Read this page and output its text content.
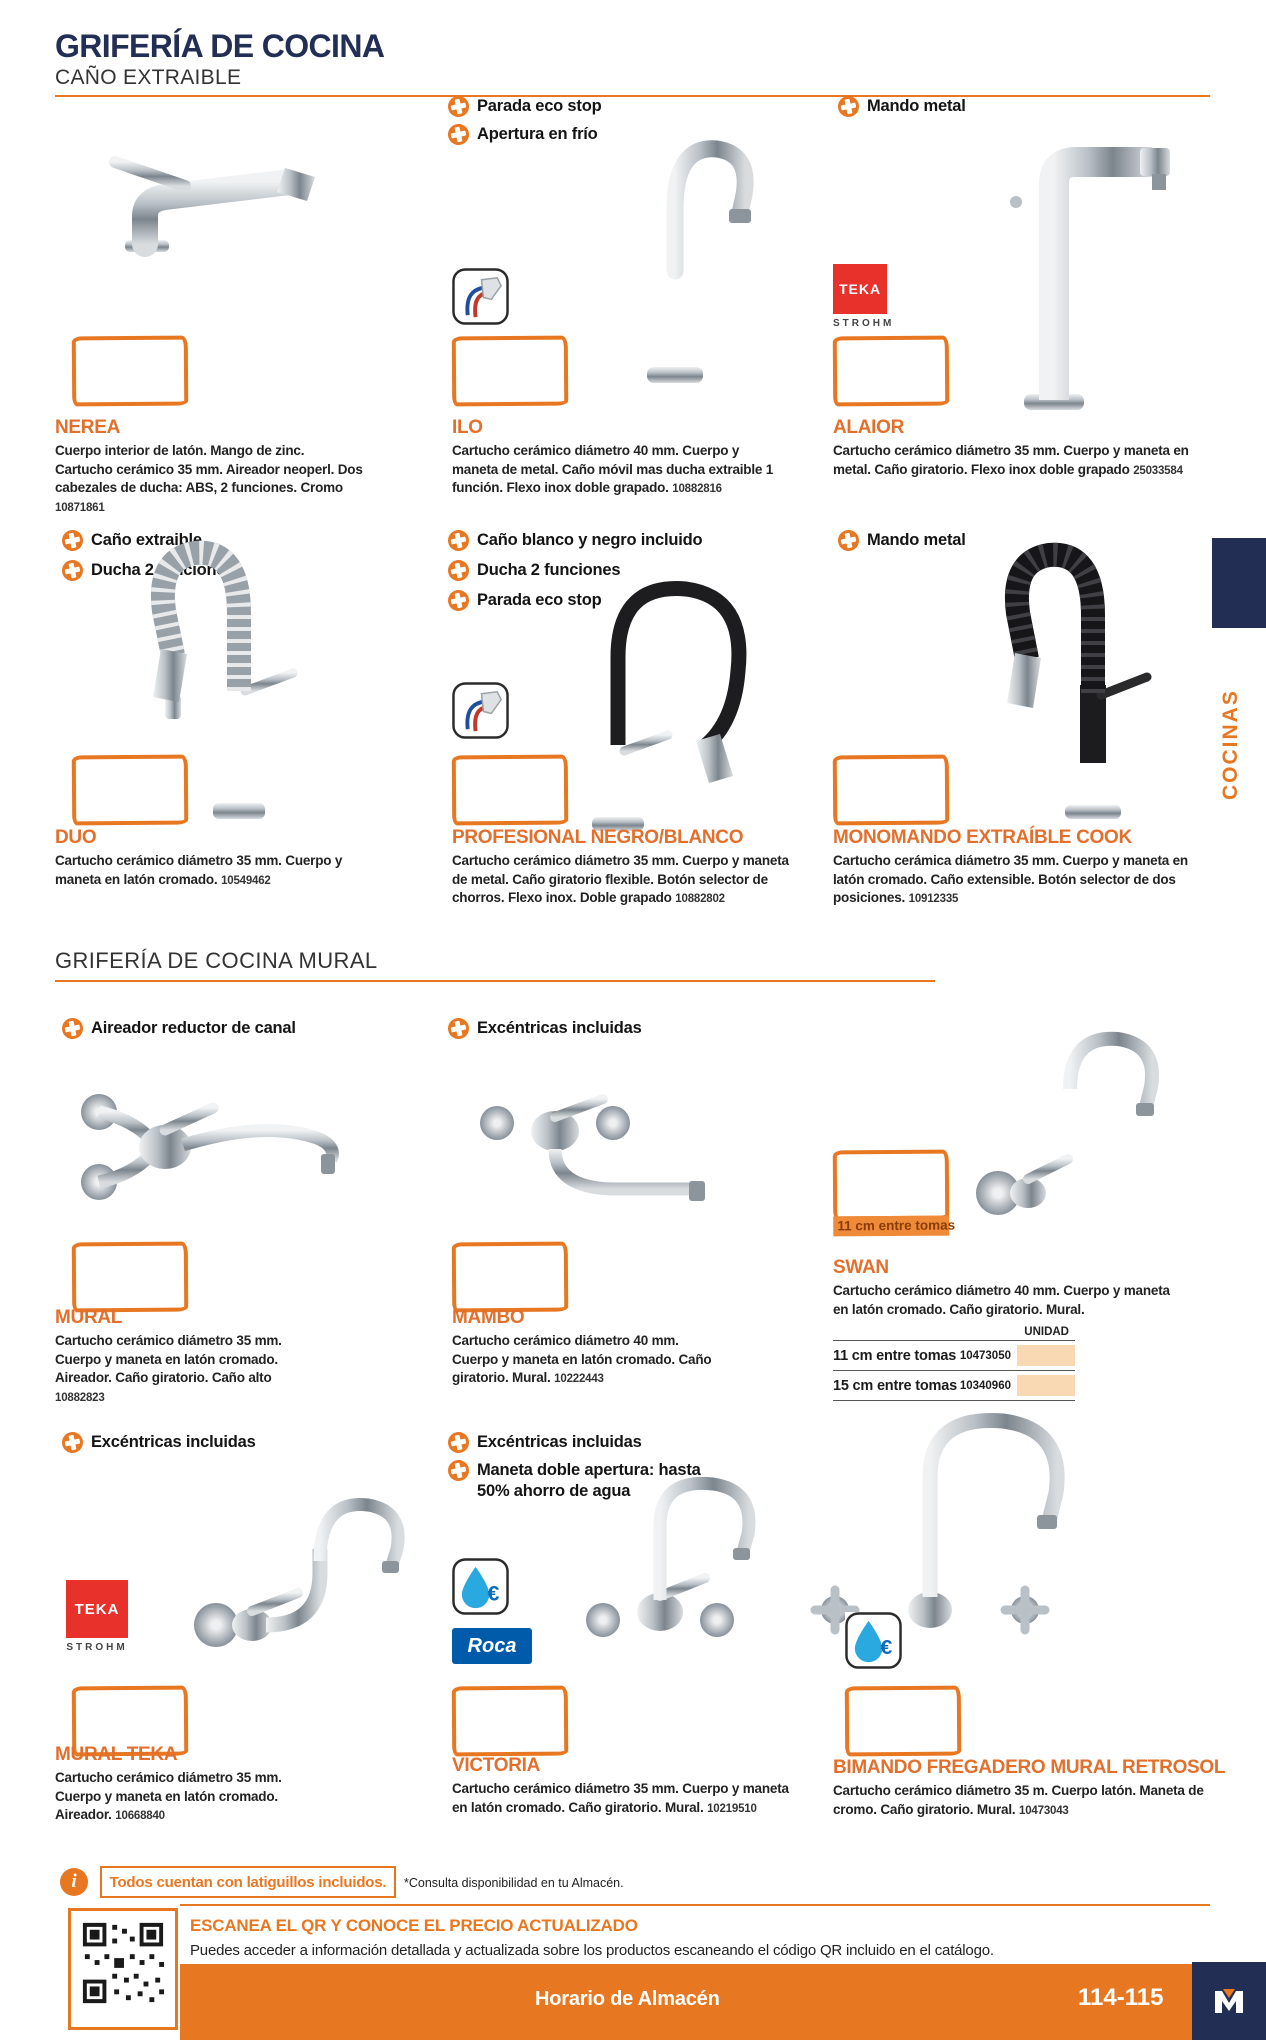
GRIFERÍA DE COCINA
CAÑO EXTRAIBLE
COCINAS
NEREA

Cuerpo interior de latón. Mango de zinc. Cartucho cerámico 35 mm. Aireador neoperl. Dos cabezales de ducha: ABS, 2 funciones. Cromo 10871861

Parada eco stop
Apertura en frío
ILO

Cartucho cerámico diámetro 40 mm. Cuerpo y maneta de metal. Caño móvil mas ducha extraible 1 función. Flexo inox doble grapado. 10882816

Mando metal
TEKA
STROHM
ALAIOR

Cartucho cerámico diámetro 35 mm. Cuerpo y maneta en metal. Caño giratorio. Flexo inox doble grapado 25033584

Caño extraible
Ducha 2 funciones
DUO

Cartucho cerámico diámetro 35 mm. Cuerpo y maneta en latón cromado. 10549462

Caño blanco y negro incluido
Ducha 2 funciones
Parada eco stop
PROFESIONAL NEGRO/BLANCO

Cartucho cerámico diámetro 35 mm. Cuerpo y maneta de metal. Caño giratorio flexible. Botón selector de chorros. Flexo inox. Doble grapado 10882802

Mando metal
MONOMANDO EXTRAÍBLE COOK

Cartucho cerámica diámetro 35 mm. Cuerpo y maneta en latón cromado. Caño extensible. Botón selector de dos posiciones. 10912335

GRIFERÍA DE COCINA MURAL
Aireador reductor de canal
MURAL

Cartucho cerámico diámetro 35 mm. Cuerpo y maneta en latón cromado. Aireador. Caño giratorio. Caño alto 10882823

Excéntricas incluidas
MAMBO

Cartucho cerámico diámetro 40 mm. Cuerpo y maneta en latón cromado. Caño giratorio. Mural. 10222443

11 cm entre tomas
SWAN

Cartucho cerámico diámetro 40 mm. Cuerpo y maneta en latón cromado. Caño giratorio. Mural.

UNIDAD
11 cm entre tomas 10473050
15 cm entre tomas 10340960
Excéntricas incluidas
TEKA
STROHM
MURAL TEKA

Cartucho cerámico diámetro 35 mm. Cuerpo y maneta en latón cromado. Aireador. 10668840

Excéntricas incluidas
Maneta doble apertura: hasta 50% ahorro de agua
€
Roca
VICTORIA

Cartucho cerámico diámetro 35 mm. Cuerpo y maneta en latón cromado. Caño giratorio. Mural. 10219510

€
BIMANDO FREGADERO MURAL RETROSOL

Cartucho cerámico diámetro 35 m. Cuerpo latón. Maneta de cromo. Caño giratorio. Mural. 10473043

i	Todos cuentan con latiguillos incluidos.	*Consulta disponibilidad en tu Almacén.
ESCANEA EL QR Y CONOCE EL PRECIO ACTUALIZADO
Puedes acceder a información detallada y actualizada sobre los productos escaneando el código QR incluido en el catálogo.
Horario de Almacén	114-115
